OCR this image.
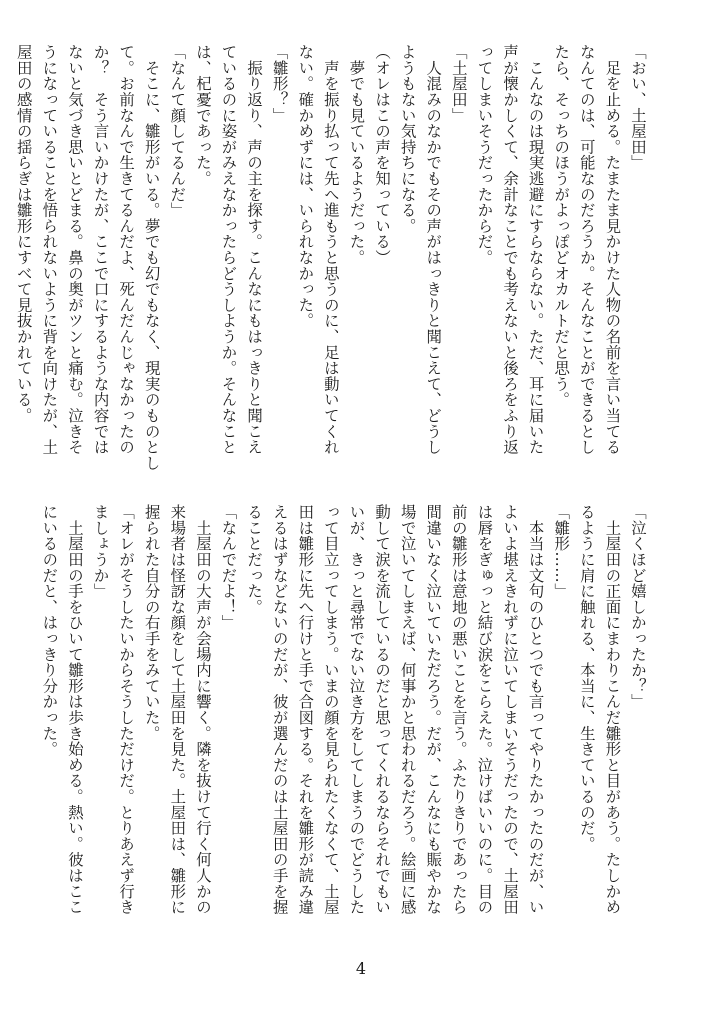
「おい、土屋田」
　足を止める。たまたま見かけた人物の名前を言い当てる
なんてのは、可能なのだろうか。そんなことができるとし
たら、そっちのほうがよっぽどオカルトだと思う。
　こんなのは現実逃避にすらならない。ただ、耳に届いた
声が懐かしくて、余計なことでも考えないと後ろをふり返
ってしまいそうだったからだ。
「土屋田」
　人混みのなかでもその声がはっきりと聞こえて、どうし
ようもない気持ちになる。
（オレはこの声を知っている）
　夢でも見ているようだった。
　声を振り払って先へ進もうと思うのに、足は動いてくれ
ない。確かめずには、いられなかった。
「雛形？」
　振り返り、声の主を探す。こんなにもはっきりと聞こえ
ているのに姿がみえなかったらどうしようか。そんなこと
は、杞憂であった。
「なんて顔してるんだ」
　そこに、雛形がいる。夢でも幻でもなく、現実のものとし
て。お前なんで生きてるんだよ、死んだんじゃなかったの
か？　そう言いかけたが、ここで口にするような内容では
ないと気づき思いとどまる。鼻の奥がツンと痛む。泣きそ
うになっていることを悟られないように背を向けたが、土
屋田の感情の揺らぎは雛形にすべて見抜かれている。
「泣くほど嬉しかったか？」
　土屋田の正面にまわりこんだ雛形と目があう。たしかめ
るように肩に触れる、本当に、生きているのだ。
「雛形……」
　本当は文句のひとつでも言ってやりたかったのだが、い
よいよ堪えきれずに泣いてしまいそうだったので、土屋田
は唇をぎゅっと結び涙をこらえた。泣けばいいのに。目の
前の雛形は意地の悪いことを言う。ふたりきりであったら
間違いなく泣いていただろう。だが、こんなにも賑やかな
場で泣いてしまえば、何事かと思われるだろう。絵画に感
動して涙を流しているのだと思ってくれるならそれでもい
いが、きっと尋常でない泣き方をしてしまうのでどうした
って目立ってしまう。いまの顔を見られたくなくて、土屋
田は雛形に先へ行けと手で合図する。それを雛形が読み違
えるはずなどないのだが、彼が選んだのは土屋田の手を握
ることだった。
「なんでだよ！」
　土屋田の大声が会場内に響く。隣を抜けて行く何人かの
来場者は怪訝な顔をして土屋田を見た。土屋田は、雛形に
握られた自分の右手をみていた。
「オレがそうしたいからそうしただけだ。とりあえず行き
ましょうか」
　土屋田の手をひいて雛形は歩き始める。熱い。彼はここ
にいるのだと、はっきり分かった。
4
